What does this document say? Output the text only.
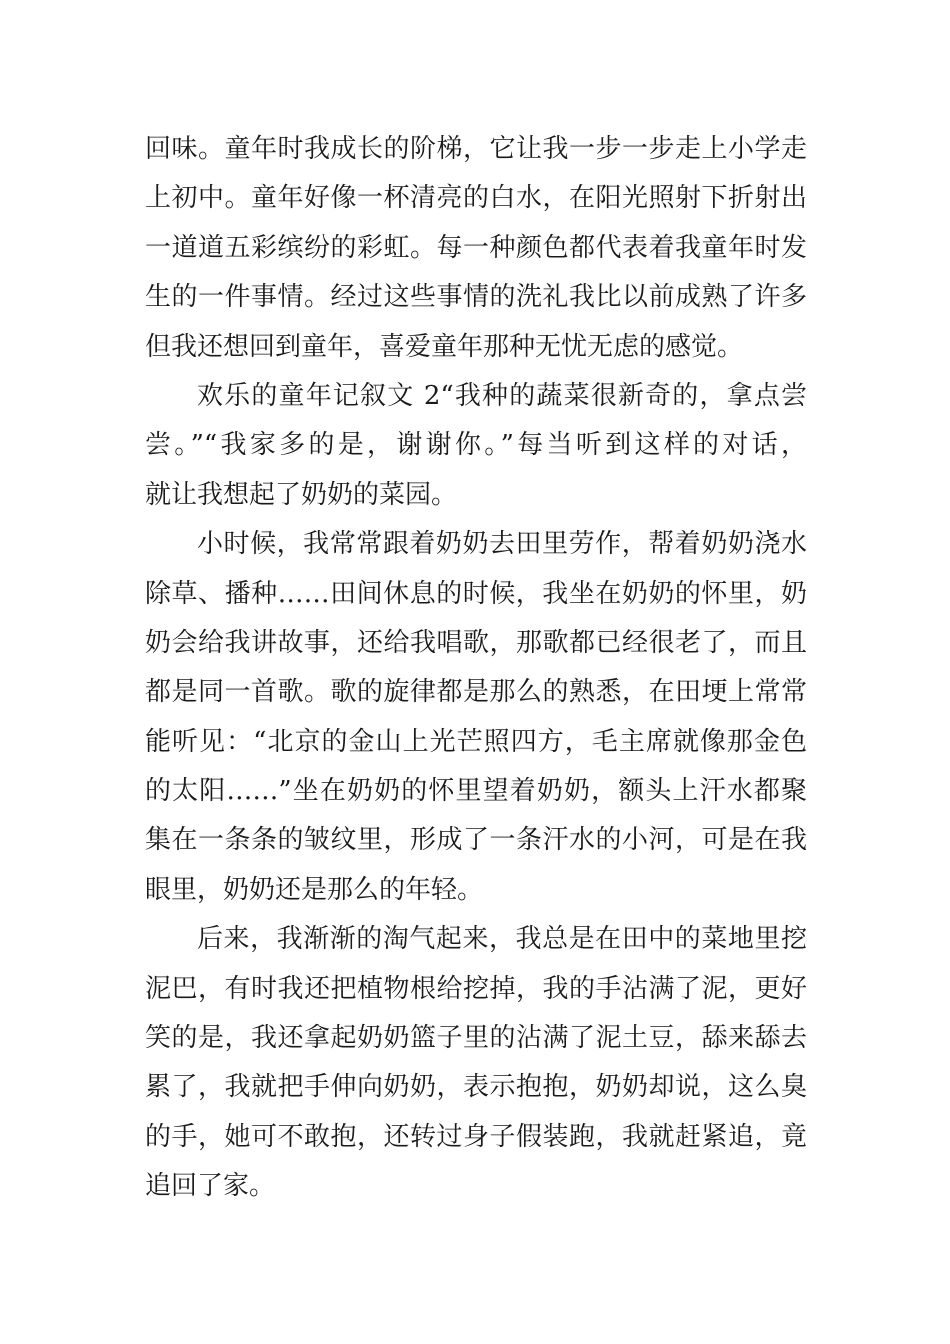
回味。童年时我成长的阶梯，它让我一步一步走上小学走
上初中。童年好像一杯清亮的白水，在阳光照射下折射出
一道道五彩缤纷的彩虹。每一种颜色都代表着我童年时发
生的一件事情。经过这些事情的洗礼我比以前成熟了许多
但我还想回到童年，喜爱童年那种无忧无虑的感觉。
欢乐的童年记叙文 2“我种的蔬菜很新奇的，拿点尝
尝。”“我家多的是，谢谢你。”每当听到这样的对话，
就让我想起了奶奶的菜园。
小时候，我常常跟着奶奶去田里劳作，帮着奶奶浇水
除草、播种……田间休息的时候，我坐在奶奶的怀里，奶
奶会给我讲故事，还给我唱歌，那歌都已经很老了，而且
都是同一首歌。歌的旋律都是那么的熟悉，在田埂上常常
能听见：“北京的金山上光芒照四方，毛主席就像那金色
的太阳……”坐在奶奶的怀里望着奶奶，额头上汗水都聚
集在一条条的皱纹里，形成了一条汗水的小河，可是在我
眼里，奶奶还是那么的年轻。
后来，我渐渐的淘气起来，我总是在田中的菜地里挖
泥巴，有时我还把植物根给挖掉，我的手沾满了泥，更好
笑的是，我还拿起奶奶篮子里的沾满了泥土豆，舔来舔去
累了，我就把手伸向奶奶，表示抱抱，奶奶却说，这么臭
的手，她可不敢抱，还转过身子假装跑，我就赶紧追，竟
追回了家。
